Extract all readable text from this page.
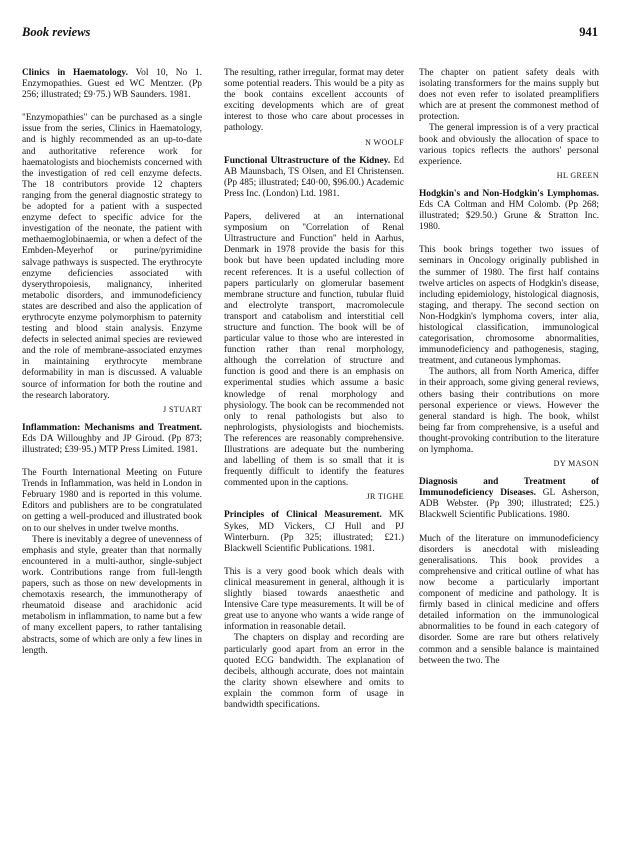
Book reviews	941
Clinics in Haematology. Vol 10, No 1. Enzymopathies. Guest ed WC Mentzer. (Pp 256; illustrated; £9·75.) WB Saunders. 1981.

"Enzymopathies" can be purchased as a single issue from the series, Clinics in Haematology, and is highly recommended as an up-to-date and authoritative reference work for haematologists and biochemists concerned with the investigation of red cell enzyme defects. The 18 contributors provide 12 chapters ranging from the general diagnostic strategy to be adopted for a patient with a suspected enzyme defect to specific advice for the investigation of the neonate, the patient with methaemoglobinaemia, or when a defect of the Embden-Meyerhof or purine/pyrimidine salvage pathways is suspected. The erythrocyte enzyme deficiencies associated with dyserythropoiesis, malignancy, inherited metabolic disorders, and immunodeficiency states are described and also the application of erythrocyte enzyme polymorphism to paternity testing and blood stain analysis. Enzyme defects in selected animal species are reviewed and the role of membrane-associated enzymes in maintaining erythrocyte membrane deformability in man is discussed. A valuable source of information for both the routine and the research laboratory.

J STUART
Inflammation: Mechanisms and Treatment. Eds DA Willoughby and JP Giroud. (Pp 873; illustrated; £39·95.) MTP Press Limited. 1981.

The Fourth International Meeting on Future Trends in Inflammation, was held in London in February 1980 and is reported in this volume. Editors and publishers are to be congratulated on getting a well-produced and illustrated book on to our shelves in under twelve months.

There is inevitably a degree of unevenness of emphasis and style, greater than that normally encountered in a multi-author, single-subject work. Contributions range from full-length papers, such as those on new developments in chemotaxis research, the immunotherapy of rheumatoid disease and arachidonic acid metabolism in inflammation, to name but a few of many excellent papers, to rather tantalising abstracts, some of which are only a few lines in length.

The resulting, rather irregular, format may deter some potential readers. This would be a pity as the book contains excellent accounts of exciting developments which are of great interest to those who care about processes in pathology.

N WOOLF
Functional Ultrastructure of the Kidney. Ed AB Maunsbach, TS Olsen, and EI Christensen. (Pp 485; illustrated; £40·00, $96.00.) Academic Press Inc. (London) Ltd. 1981.

Papers, delivered at an international symposium on "Correlation of Renal Ultrastructure and Function" held in Aarhus, Denmark in 1978 provide the basis for this book but have been updated including more recent references. It is a useful collection of papers particularly on glomerular basement membrane structure and function, tubular fluid and electrolyte transport, macromolecule transport and catabolism and interstitial cell structure and function. The book will be of particular value to those who are interested in function rather than renal morphology, although the correlation of structure and function is good and there is an emphasis on experimental studies which assume a basic knowledge of renal morphology and physiology. The book can be recommended not only to renal pathologists but also to nephrologists, physiologists and biochemists. The references are reasonably comprehensive. Illustrations are adequate but the numbering and labelling of them is so small that it is frequently difficult to identify the features commented upon in the captions.

JR TIGHE
Principles of Clinical Measurement. MK Sykes, MD Vickers, CJ Hull and PJ Winterburn. (Pp 325; illustrated; £21.) Blackwell Scientific Publications. 1981.

This is a very good book which deals with clinical measurement in general, although it is slightly biased towards anaesthetic and Intensive Care type measurements. It will be of great use to anyone who wants a wide range of information in reasonable detail.

The chapters on display and recording are particularly good apart from an error in the quoted ECG bandwidth. The explanation of decibels, although accurate, does not maintain the clarity shown elsewhere and omits to explain the common form of usage in bandwidth specifications.

The chapter on patient safety deals with isolating transformers for the mains supply but does not even refer to isolated preamplifiers which are at present the commonest method of protection.

The general impression is of a very practical book and obviously the allocation of space to various topics reflects the authors' personal experience.

HL GREEN
Hodgkin's and Non-Hodgkin's Lymphomas. Eds CA Coltman and HM Colomb. (Pp 268; illustrated; $29.50.) Grune & Stratton Inc. 1980.

This book brings together two issues of seminars in Oncology originally published in the summer of 1980. The first half contains twelve articles on aspects of Hodgkin's disease, including epidemiology, histological diagnosis, staging, and therapy. The second section on Non-Hodgkin's lymphoma covers, inter alia, histological classification, immunological categorisation, chromosome abnormalities, immunodeficiency and pathogenesis, staging, treatment, and cutaneous lymphomas.

The authors, all from North America, differ in their approach, some giving general reviews, others basing their contributions on more personal experience or views. However the general standard is high. The book, whilst being far from comprehensive, is a useful and thought-provoking contribution to the literature on lymphoma.

DY MASON
Diagnosis and Treatment of Immunodeficiency Diseases. GL Asherson, ADB Webster. (Pp 390; illustrated; £25.) Blackwell Scientific Publications. 1980.

Much of the literature on immunodeficiency disorders is anecdotal with misleading generalisations. This book provides a comprehensive and critical outline of what has now become a particularly important component of medicine and pathology. It is firmly based in clinical medicine and offers detailed information on the immunological abnormalities to be found in each category of disorder. Some are rare but others relatively common and a sensible balance is maintained between the two. The
